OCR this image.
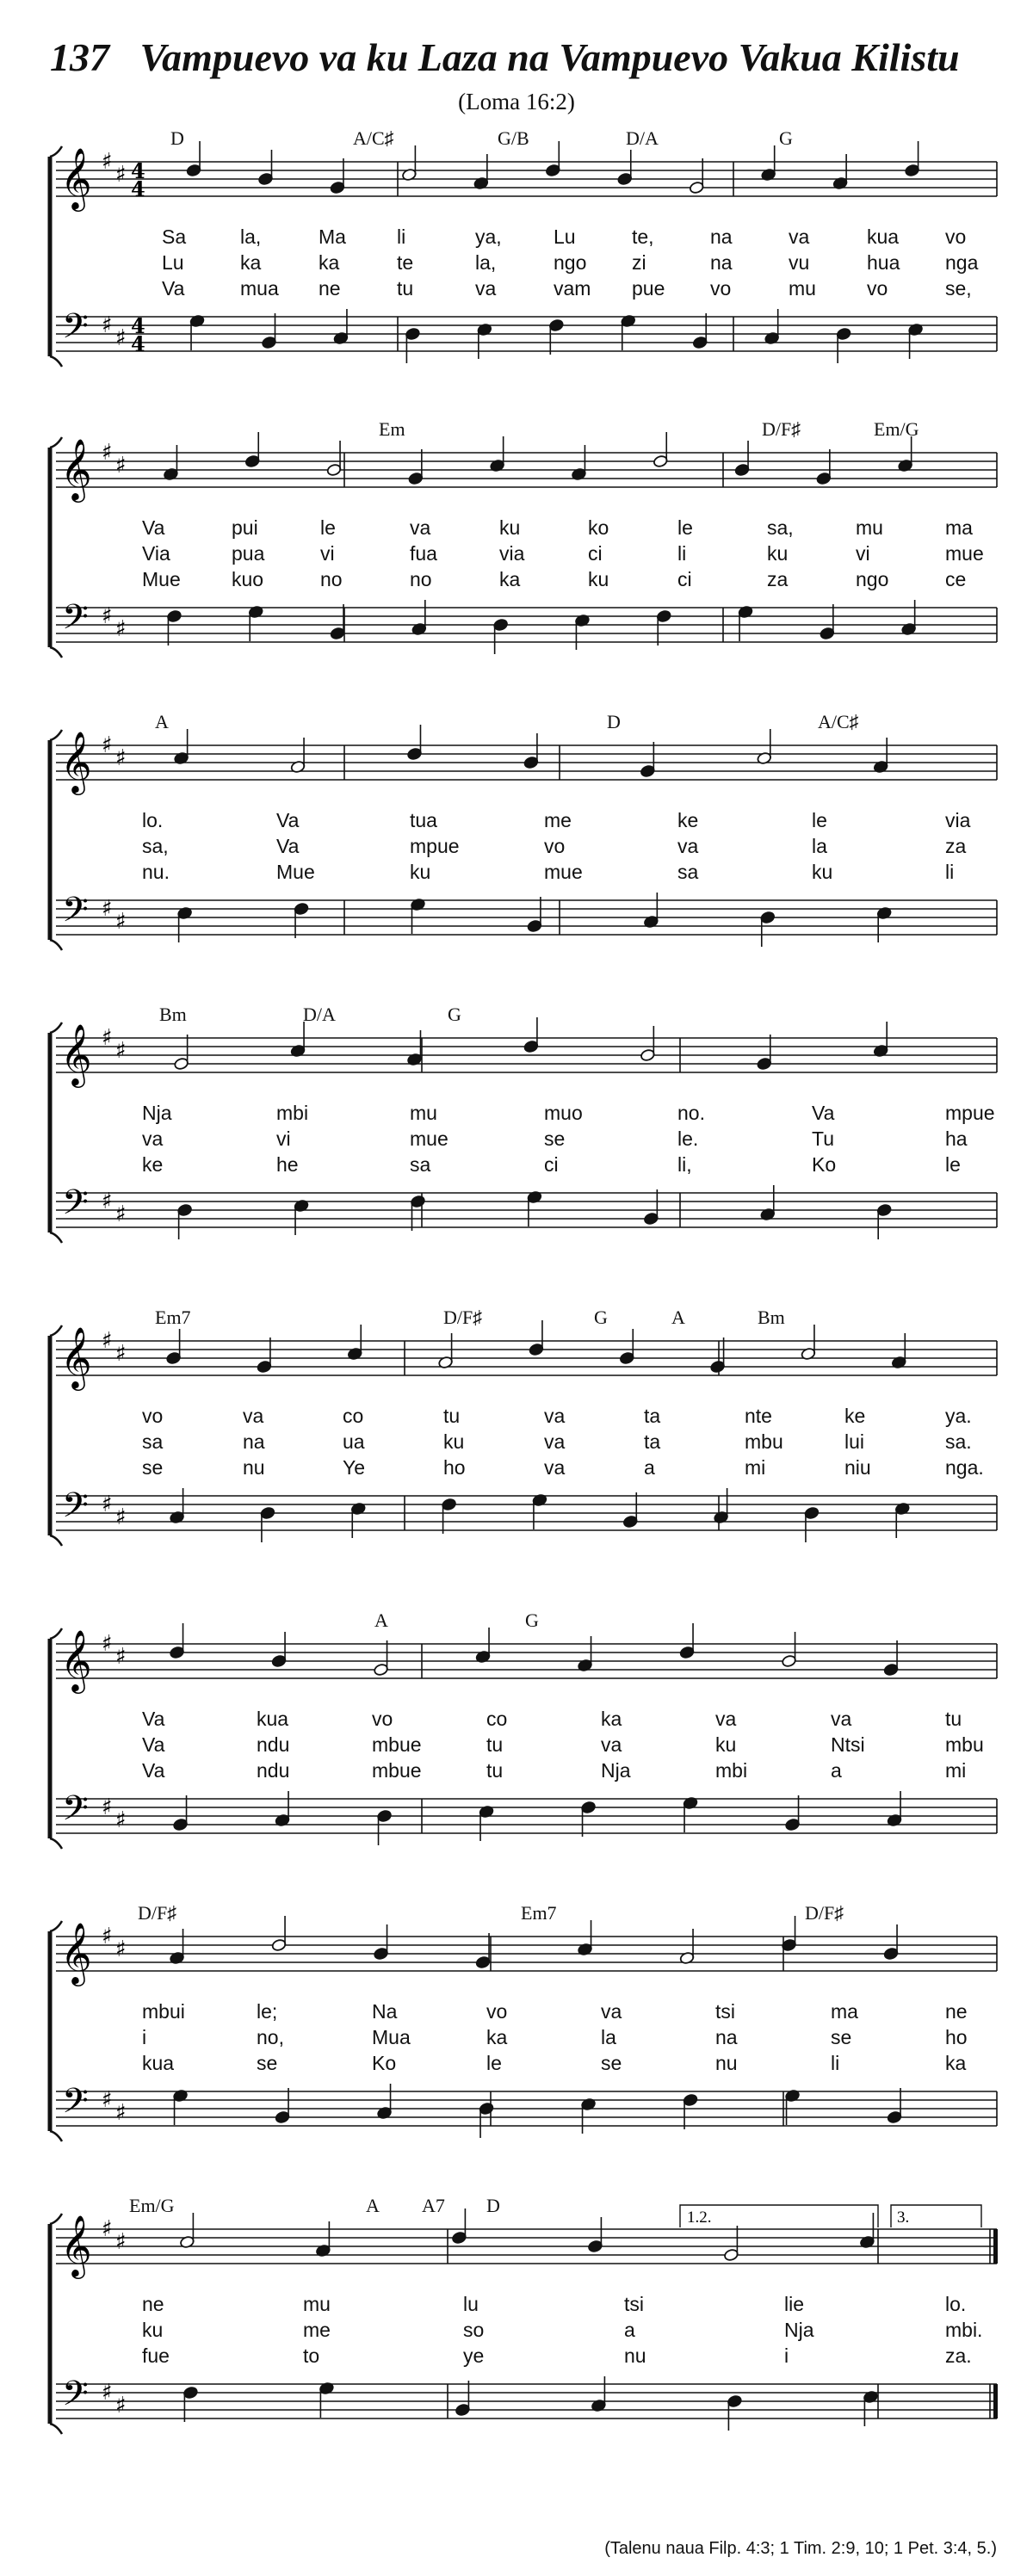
137 Vampuevo va ku Laza na Vampuevo Vakua Kilistu
(Loma 16:2)
𝄞
𝄢
♯ ♯
♯ ♯
4
4
4
4
D	A/C♯	G/B	D/A	G
Sa	la,	Ma	li	ya,	Lu	te,	na	va	kua vo
Lu	ka	ka	te	la,	ngo zi	na	vu	hua nga
Va	mua ne	tu	va	vam pue vo	mu	vo	se,
𝄞
𝄢
♯ ♯
♯ ♯
Em	D/F♯	Em/G
Va	pui	le	va	ku	ko	le	sa,	mu	ma
Via	pua	vi	fua	via	ci	li	ku	vi	mue
Mue	kuo	no	no	ka	ku	ci	za	ngo	ce
𝄞
𝄢
♯ ♯
♯ ♯
A	D	A/C♯
lo.	Va	tua	me	ke	le	via
sa,	Va	mpue	vo	va	la	za
nu.	Mue	ku	mue	sa	ku	li
𝄞
𝄢
♯ ♯
♯ ♯
Bm	D/A	G
Nja	mbi	mu	muo	no.	Va	mpue
va	vi	mue	se	le.	Tu	ha
ke	he	sa	ci	li,	Ko	le
𝄞
𝄢
♯ ♯
♯ ♯
Em7	D/F♯	G	A	Bm
vo	va	co	tu	va	ta	nte	ke	ya.
sa	na	ua	ku	va	ta	mbu	lui	sa.
se	nu	Ye	ho	va	a	mi	niu	nga.
𝄞
𝄢
♯ ♯
♯ ♯
A	G
Va	kua	vo	co	ka	va	va	tu
Va	ndu	mbue	tu	va	ku	Ntsi	mbu
Va	ndu	mbue	tu	Nja	mbi	a	mi
𝄞
𝄢
♯ ♯
♯ ♯
D/F♯	Em7	D/F♯
mbui	le;	Na	vo	va	tsi	ma	ne
i	no,	Mua	ka	la	na	se	ho
kua	se	Ko	le	se	nu	li	ka
𝄞
𝄢
♯ ♯
♯ ♯
1.2.	3.
Em/G	A A7 D
ne	mu	lu	tsi	lie	lo.
ku	me	so	a	Nja	mbi.
fue	to	ye	nu	i	za.
(Talenu naua Filp. 4:3; 1 Tim. 2:9, 10; 1 Pet. 3:4, 5.)
